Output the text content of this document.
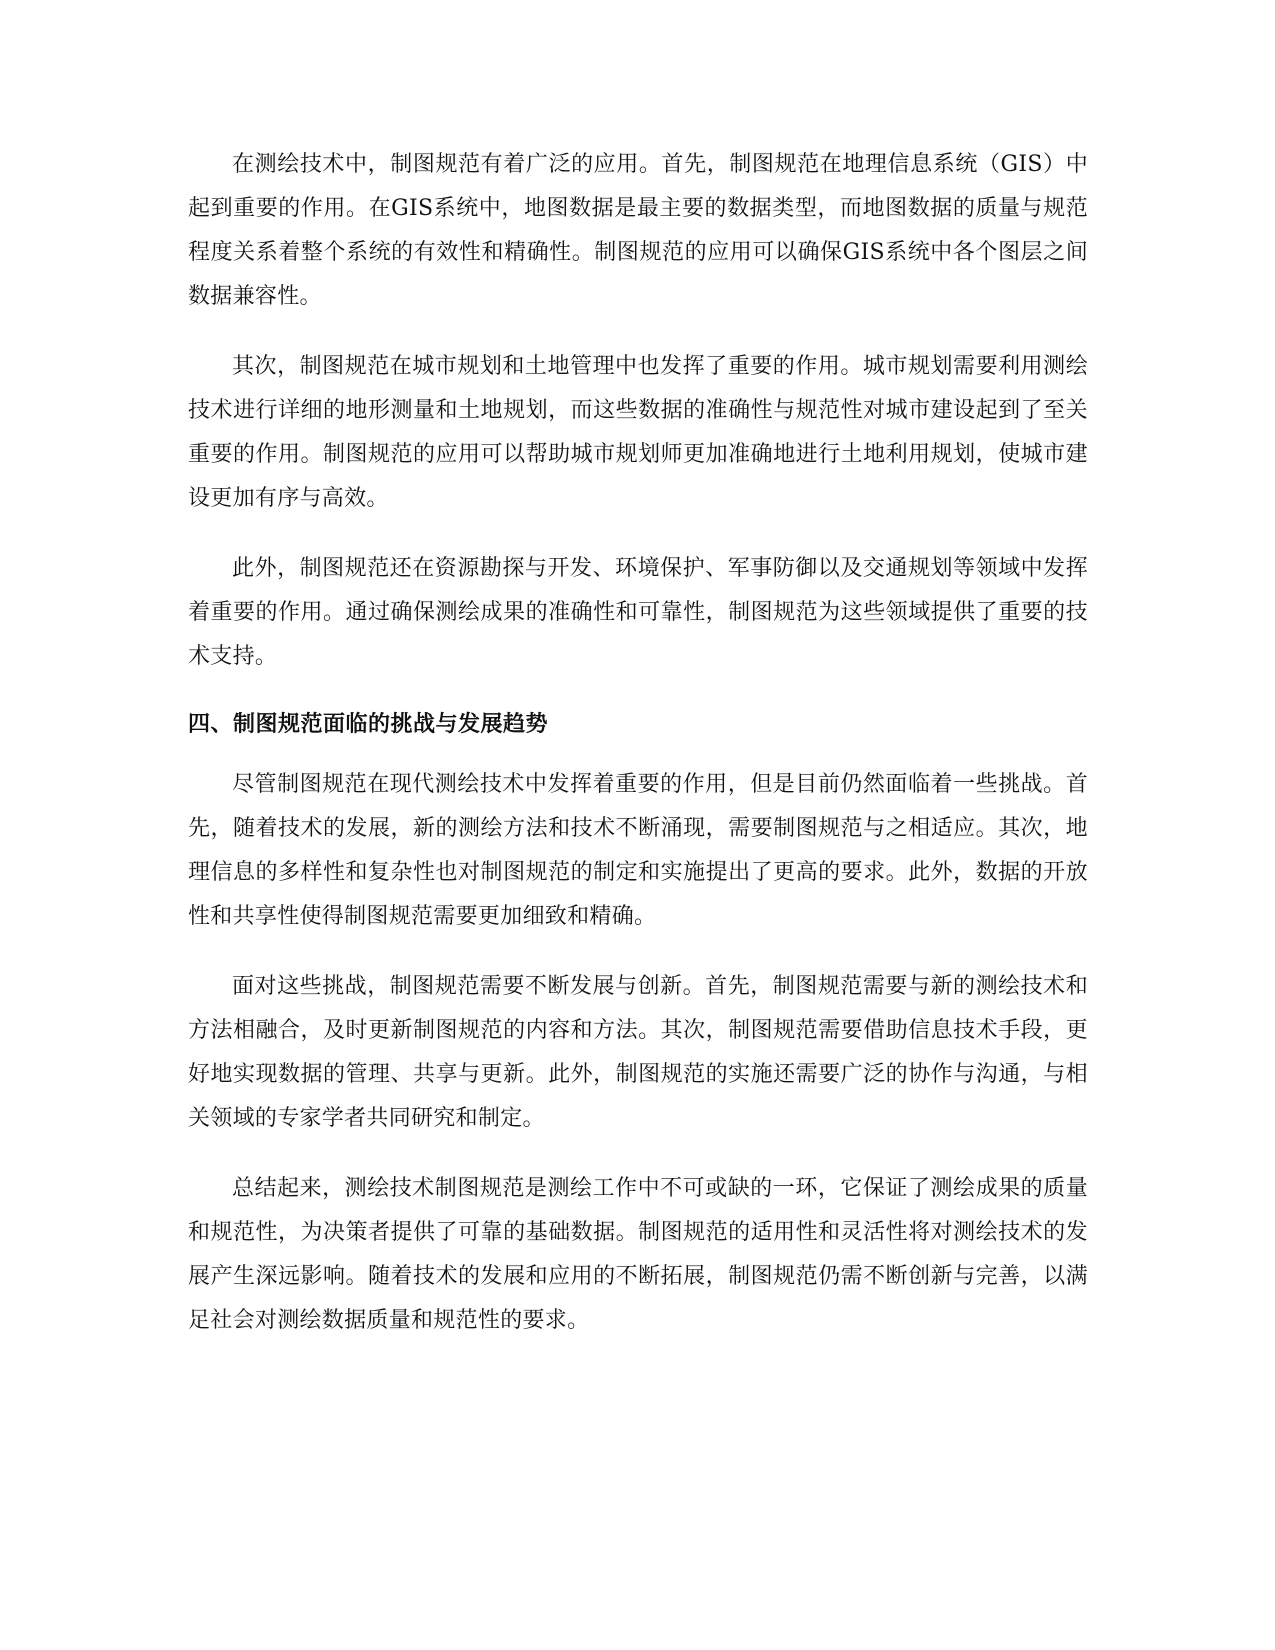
在测绘技术中，制图规范有着广泛的应用。首先，制图规范在地理信息系统（GIS）中起到重要的作用。在GIS系统中，地图数据是最主要的数据类型，而地图数据的质量与规范程度关系着整个系统的有效性和精确性。制图规范的应用可以确保GIS系统中各个图层之间数据兼容性。

其次，制图规范在城市规划和土地管理中也发挥了重要的作用。城市规划需要利用测绘技术进行详细的地形测量和土地规划，而这些数据的准确性与规范性对城市建设起到了至关重要的作用。制图规范的应用可以帮助城市规划师更加准确地进行土地利用规划，使城市建设更加有序与高效。

此外，制图规范还在资源勘探与开发、环境保护、军事防御以及交通规划等领域中发挥着重要的作用。通过确保测绘成果的准确性和可靠性，制图规范为这些领域提供了重要的技术支持。

四、制图规范面临的挑战与发展趋势

尽管制图规范在现代测绘技术中发挥着重要的作用，但是目前仍然面临着一些挑战。首先，随着技术的发展，新的测绘方法和技术不断涌现，需要制图规范与之相适应。其次，地理信息的多样性和复杂性也对制图规范的制定和实施提出了更高的要求。此外，数据的开放性和共享性使得制图规范需要更加细致和精确。

面对这些挑战，制图规范需要不断发展与创新。首先，制图规范需要与新的测绘技术和方法相融合，及时更新制图规范的内容和方法。其次，制图规范需要借助信息技术手段，更好地实现数据的管理、共享与更新。此外，制图规范的实施还需要广泛的协作与沟通，与相关领域的专家学者共同研究和制定。

总结起来，测绘技术制图规范是测绘工作中不可或缺的一环，它保证了测绘成果的质量和规范性，为决策者提供了可靠的基础数据。制图规范的适用性和灵活性将对测绘技术的发展产生深远影响。随着技术的发展和应用的不断拓展，制图规范仍需不断创新与完善，以满足社会对测绘数据质量和规范性的要求。
